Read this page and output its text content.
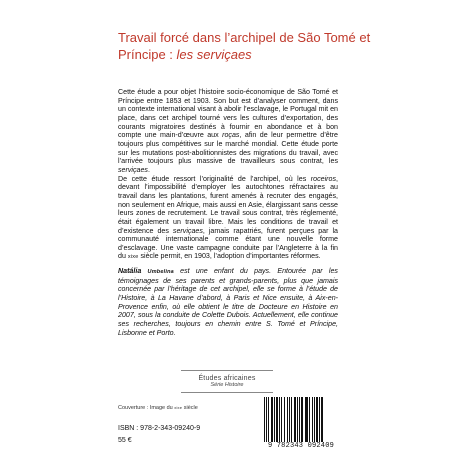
Travail forcé dans l’archipel de São Tomé et Príncipe : les serviçaes

Cette étude a pour objet l’histoire socio-économique de São Tomé et Príncipe entre 1853 et 1903. Son but est d’analyser comment, dans un contexte international visant à abolir l’esclavage, le Portugal mit en place, dans cet archipel tourné vers les cultures d’exportation, des courants migratoires destinés à fournir en abondance et à bon compte une main-d’œuvre aux roças, afin de leur permettre d’être toujours plus compétitives sur le marché mondial. Cette étude porte sur les mutations post-abolitionnistes des migrations du travail, avec l’arrivée toujours plus massive de travailleurs sous contrat, les serviçaes.

De cette étude ressort l’originalité de l’archipel, où les roceiros, devant l’impossibilité d’employer les autochtones réfractaires au travail dans les plantations, furent amenés à recruter des engagés, non seulement en Afrique, mais aussi en Asie, élargissant sans cesse leurs zones de recrutement. Le travail sous contrat, très réglementé, était également un travail libre. Mais les conditions de travail et d’existence des serviçaes, jamais rapatriés, furent perçues par la communauté internationale comme étant une nouvelle forme d’esclavage. Une vaste campagne conduite par l’Angleterre à la fin du xixe siècle permit, en 1903, l’adoption d’importantes réformes.

Natália Umbelina est une enfant du pays. Entourée par les témoignages de ses parents et grands-parents, plus que jamais concernée par l’héritage de cet archipel, elle se forme à l’étude de l’Histoire, à La Havane d’abord, à Paris et Nice ensuite, à Aix-en-Provence enfin, où elle obtient le titre de Docteure en Histoire en 2007, sous la conduite de Colette Dubois. Actuellement, elle continue ses recherches, toujours en chemin entre S. Tomé et Príncipe, Lisbonne et Porto.

Études africaines
Série Histoire
Couverture : Image du xixe siècle
ISBN : 978-2-343-09240-9
55 €
9 782343 092409
